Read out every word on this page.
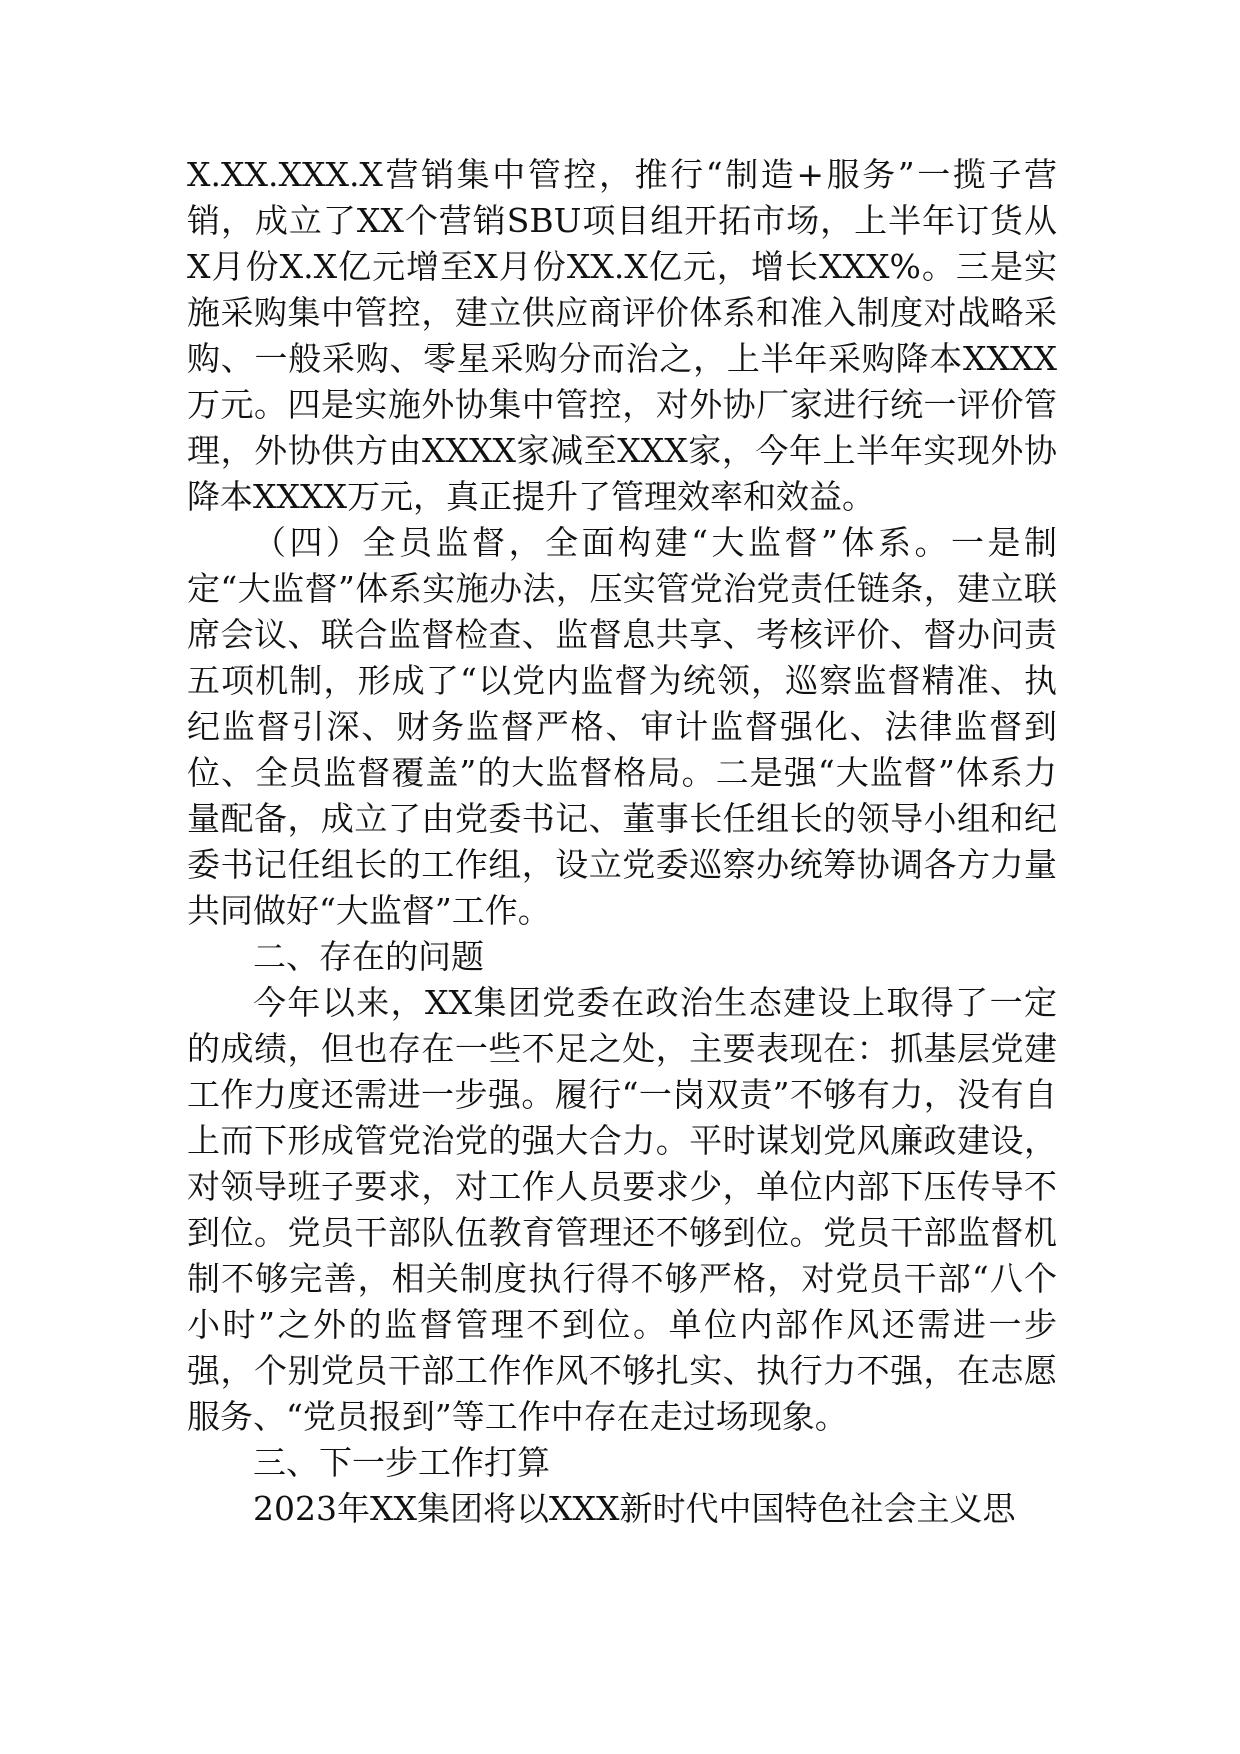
X.XX.XXX.X营销集中管控，推行“制造+服务”一揽子营销，成立了XX个营销SBU项目组开拓市场，上半年订货从X月份X.X亿元增至X月份XX.X亿元，增长XXX%。三是实施采购集中管控，建立供应商评价体系和准入制度对战略采购、一般采购、零星采购分而治之，上半年采购降本XXXX万元。四是实施外协集中管控，对外协厂家进行统一评价管理，外协供方由XXXX家减至XXX家，今年上半年实现外协降本XXXX万元，真正提升了管理效率和效益。

（四）全员监督，全面构建“大监督”体系。一是制定“大监督”体系实施办法，压实管党治党责任链条，建立联席会议、联合监督检查、监督息共享、考核评价、督办问责五项机制，形成了“以党内监督为统领，巡察监督精准、执纪监督引深、财务监督严格、审计监督强化、法律监督到位、全员监督覆盖”的大监督格局。二是强“大监督”体系力量配备，成立了由党委书记、董事长任组长的领导小组和纪委书记任组长的工作组，设立党委巡察办统筹协调各方力量共同做好“大监督”工作。

二、存在的问题

今年以来，XX集团党委在政治生态建设上取得了一定的成绩，但也存在一些不足之处，主要表现在：抓基层党建工作力度还需进一步强。履行“一岗双责”不够有力，没有自上而下形成管党治党的强大合力。平时谋划党风廉政建设，对领导班子要求，对工作人员要求少，单位内部下压传导不到位。党员干部队伍教育管理还不够到位。党员干部监督机制不够完善，相关制度执行得不够严格，对党员干部“八个小时”之外的监督管理不到位。单位内部作风还需进一步强，个别党员干部工作作风不够扎实、执行力不强，在志愿服务、“党员报到”等工作中存在走过场现象。

三、下一步工作打算

2023年XX集团将以XXX新时代中国特色社会主义思
